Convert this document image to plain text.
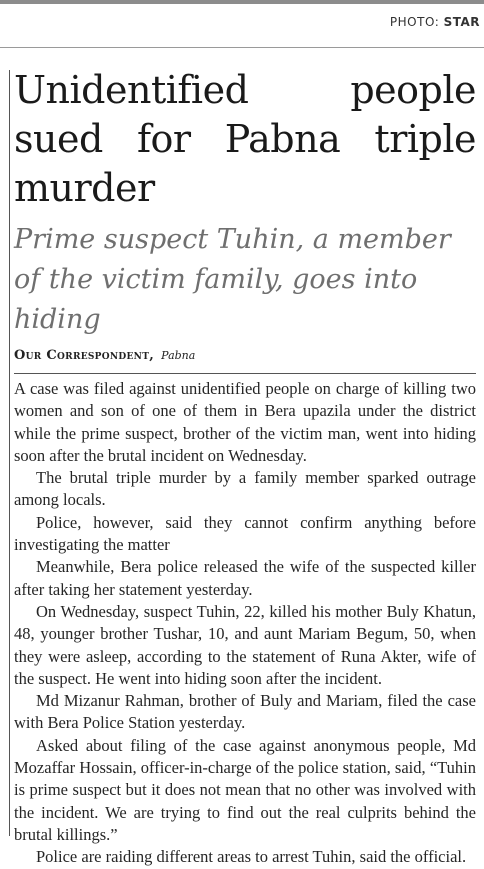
PHOTO: STAR
Unidentified people sued for Pabna triple murder
Prime suspect Tuhin, a member of the victim family, goes into hiding
Our Correspondent, Pabna

A case was filed against unidentified people on charge of killing two women and son of one of them in Bera upazila under the district while the prime suspect, brother of the victim man, went into hiding soon after the brutal incident on Wednesday.

The brutal triple murder by a family member sparked outrage among locals.

Police, however, said they cannot confirm anything before investigating the matter

Meanwhile, Bera police released the wife of the suspected killer after taking her statement yesterday.

On Wednesday, suspect Tuhin, 22, killed his mother Buly Khatun, 48, younger brother Tushar, 10, and aunt Mariam Begum, 50, when they were asleep, according to the statement of Runa Akter, wife of the suspect. He went into hiding soon after the incident.

Md Mizanur Rahman, brother of Buly and Mariam, filed the case with Bera Police Station yesterday.

Asked about filing of the case against anonymous people, Md Mozaffar Hossain, officer-in-charge of the police station, said, “Tuhin is prime suspect but it does not mean that no other was involved with the incident. We are trying to find out the real culprits behind the brutal killings.”

Police are raiding different areas to arrest Tuhin, said the official.
